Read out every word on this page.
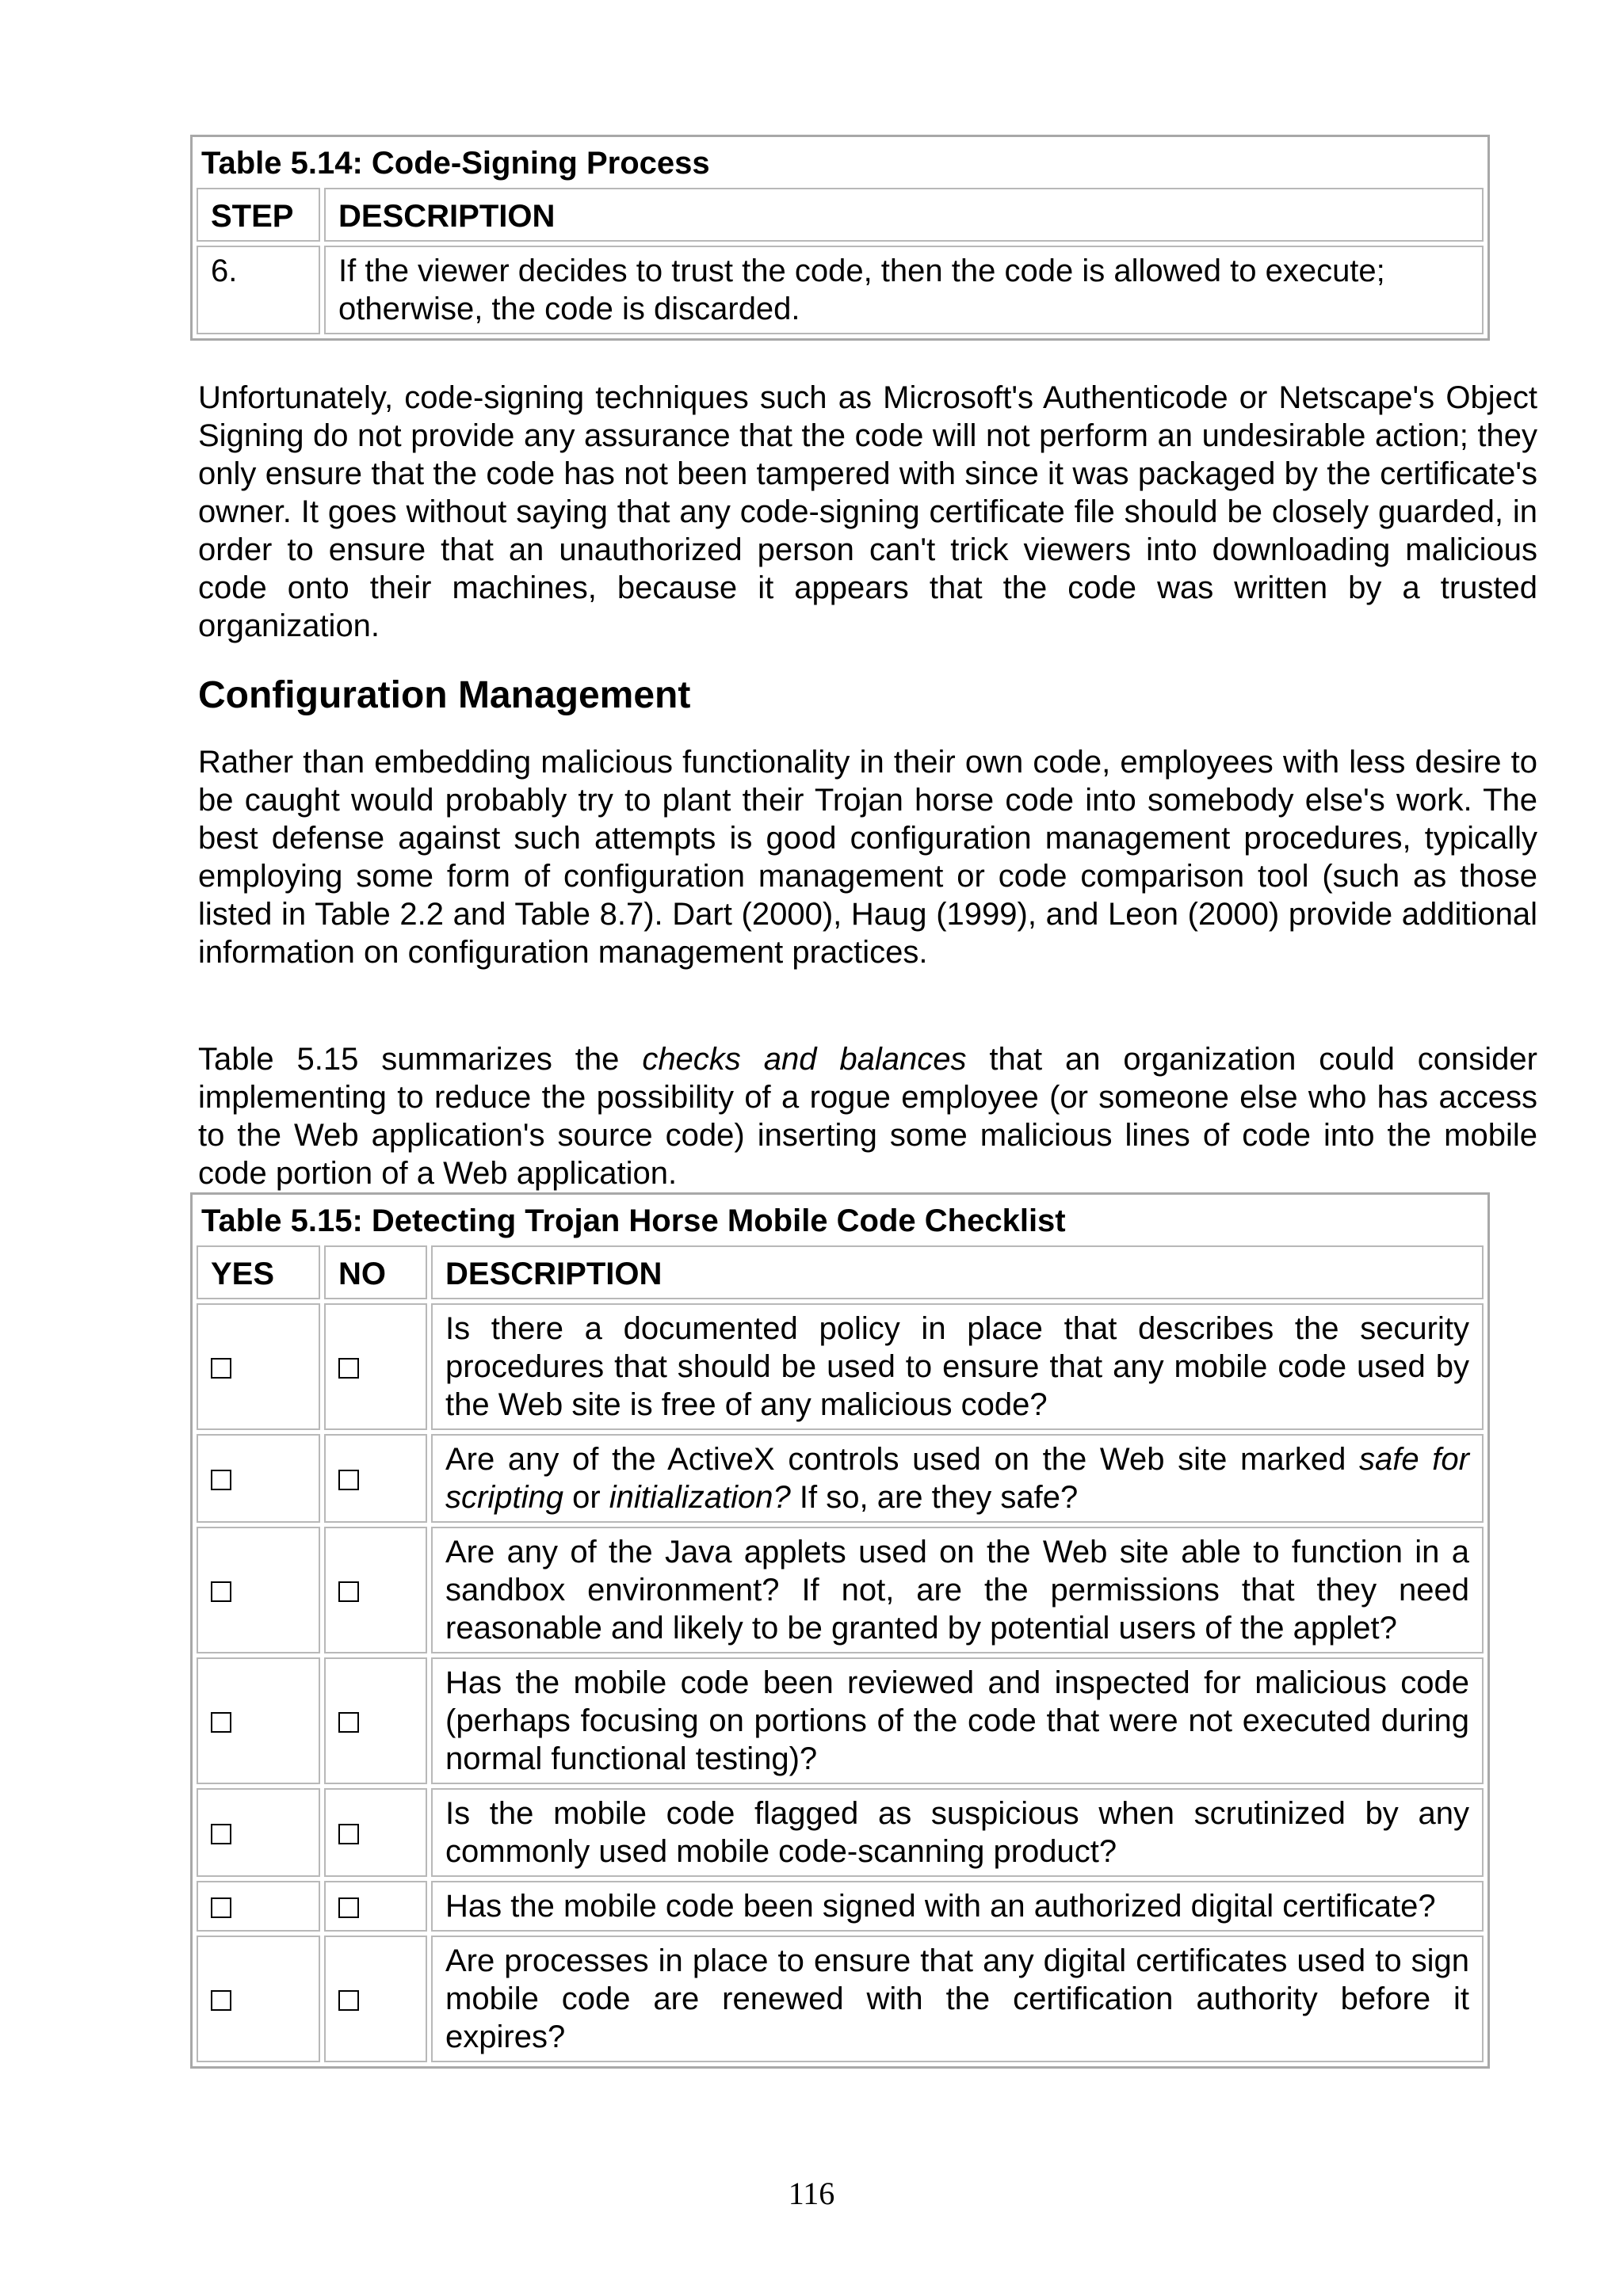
Table 5.14: Code-Signing Process	
STEP	DESCRIPTION
6.	If the viewer decides to trust the code, then the code is allowed to execute; otherwise, the code is discarded.

Unfortunately, code-signing techniques such as Microsoft's Authenticode or Netscape's Object Signing do not provide any assurance that the code will not perform an undesirable action; they only ensure that the code has not been tampered with since it was packaged by the certificate's owner. It goes without saying that any code-signing certificate file should be closely guarded, in order to ensure that an unauthorized person can't trick viewers into downloading malicious code onto their machines, because it appears that the code was written by a trusted organization.

Configuration Management

Rather than embedding malicious functionality in their own code, employees with less desire to be caught would probably try to plant their Trojan horse code into somebody else's work. The best defense against such attempts is good configuration management procedures, typically employing some form of configuration management or code comparison tool (such as those listed in Table 2.2 and Table 8.7). Dart (2000), Haug (1999), and Leon (2000) provide additional information on configuration management practices.

Table 5.15 summarizes the checks and balances that an organization could consider implementing to reduce the possibility of a rogue employee (or someone else who has access to the Web application's source code) inserting some malicious lines of code into the mobile code portion of a Web application.

Table 5.15: Detecting Trojan Horse Mobile Code Checklist		
YES	NO	DESCRIPTION
		Is there a documented policy in place that describes the security procedures that should be used to ensure that any mobile code used by the Web site is free of any malicious code?
		Are any of the ActiveX controls used on the Web site marked safe for scripting or initialization? If so, are they safe?
		Are any of the Java applets used on the Web site able to function in a sandbox environment? If not, are the permissions that they need reasonable and likely to be granted by potential users of the applet?
		Has the mobile code been reviewed and inspected for malicious code (perhaps focusing on portions of the code that were not executed during normal functional testing)?
		Is the mobile code flagged as suspicious when scrutinized by any commonly used mobile code-scanning product?
		Has the mobile code been signed with an authorized digital certificate?
		Are processes in place to ensure that any digital certificates used to sign mobile code are renewed with the certification authority before it expires?
116
